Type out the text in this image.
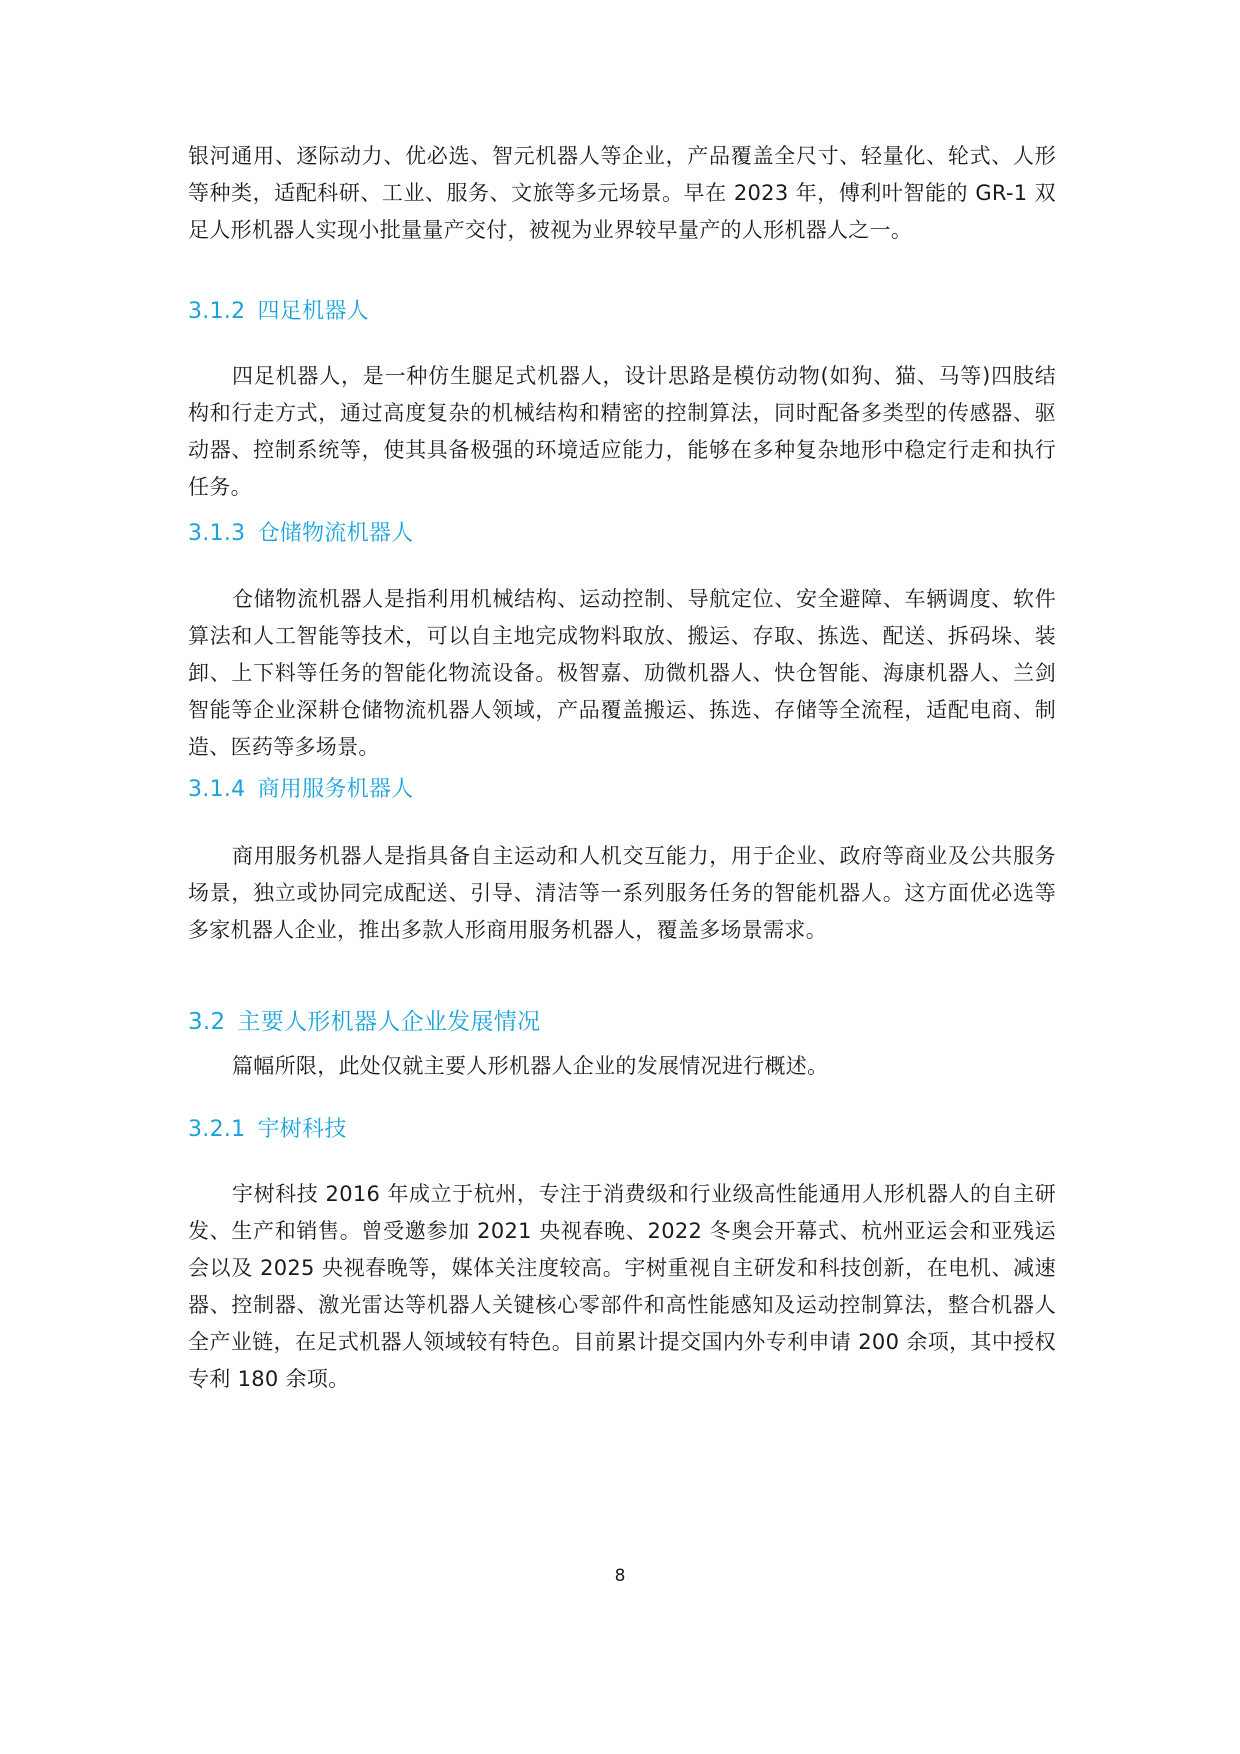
银河通用、逐际动力、优必选、智元机器人等企业，产品覆盖全尺寸、轻量化、轮式、人形等种类，适配科研、工业、服务、文旅等多元场景。早在 2023 年，傅利叶智能的 GR-1 双足人形机器人实现小批量量产交付，被视为业界较早量产的人形机器人之一。

3.1.2 四足机器人

四足机器人，是一种仿生腿足式机器人，设计思路是模仿动物(如狗、猫、马等)四肢结构和行走方式，通过高度复杂的机械结构和精密的控制算法，同时配备多类型的传感器、驱动器、控制系统等，使其具备极强的环境适应能力，能够在多种复杂地形中稳定行走和执行任务。

3.1.3 仓储物流机器人

仓储物流机器人是指利用机械结构、运动控制、导航定位、安全避障、车辆调度、软件算法和人工智能等技术，可以自主地完成物料取放、搬运、存取、拣选、配送、拆码垛、装卸、上下料等任务的智能化物流设备。极智嘉、劢微机器人、快仓智能、海康机器人、兰剑智能等企业深耕仓储物流机器人领域，产品覆盖搬运、拣选、存储等全流程，适配电商、制造、医药等多场景。

3.1.4 商用服务机器人

商用服务机器人是指具备自主运动和人机交互能力，用于企业、政府等商业及公共服务场景，独立或协同完成配送、引导、清洁等一系列服务任务的智能机器人。这方面优必选等多家机器人企业，推出多款人形商用服务机器人，覆盖多场景需求。

3.2 主要人形机器人企业发展情况

篇幅所限，此处仅就主要人形机器人企业的发展情况进行概述。

3.2.1 宇树科技

宇树科技 2016 年成立于杭州，专注于消费级和行业级高性能通用人形机器人的自主研发、生产和销售。曾受邀参加 2021 央视春晚、2022 冬奥会开幕式、杭州亚运会和亚残运会以及 2025 央视春晚等，媒体关注度较高。宇树重视自主研发和科技创新，在电机、减速器、控制器、激光雷达等机器人关键核心零部件和高性能感知及运动控制算法，整合机器人全产业链，在足式机器人领域较有特色。目前累计提交国内外专利申请 200 余项，其中授权专利 180 余项。

8
